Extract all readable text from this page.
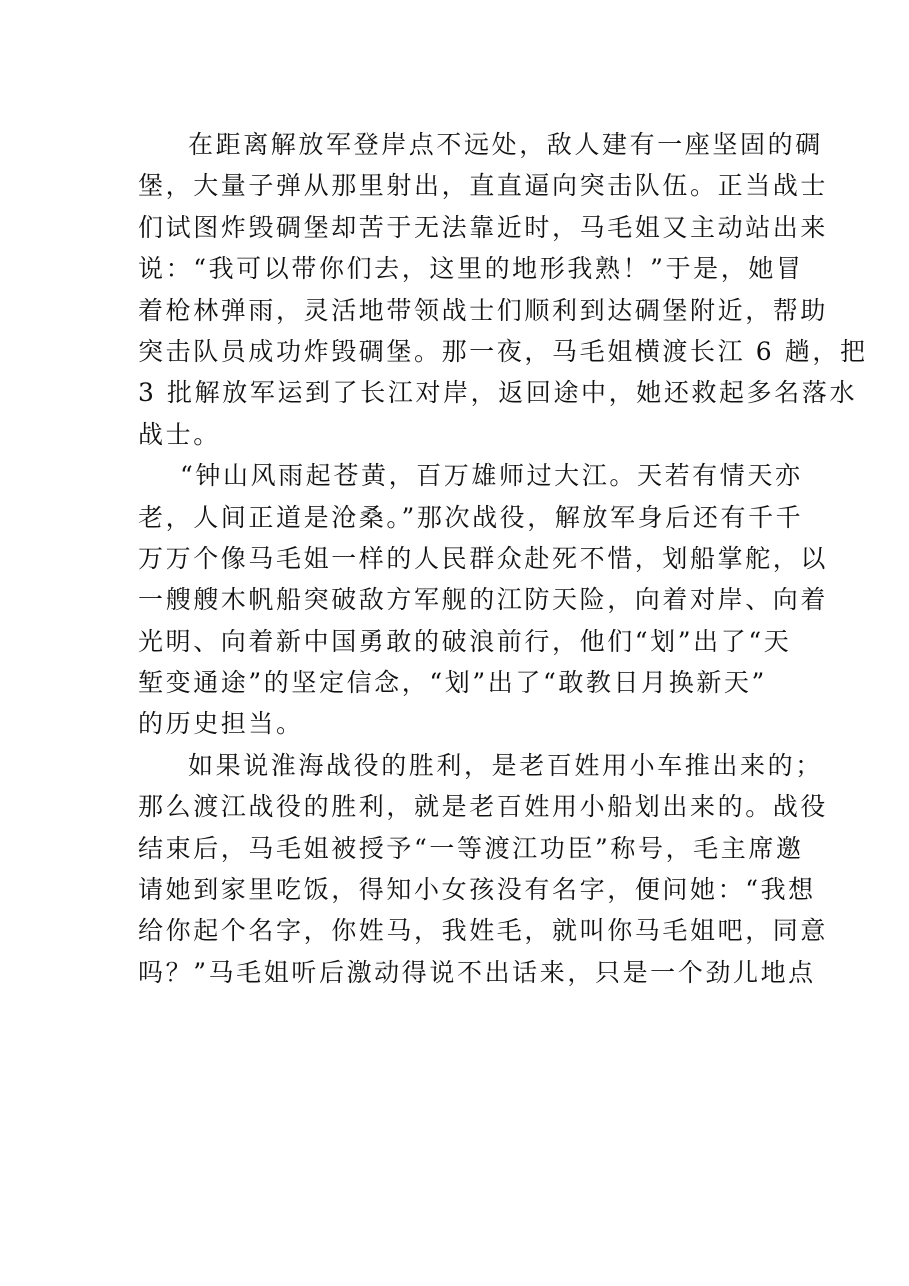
在距离解放军登岸点不远处，敌人建有一座坚固的碉
堡，大量子弹从那里射出，直直逼向突击队伍。正当战士
们试图炸毁碉堡却苦于无法靠近时，马毛姐又主动站出来
说：“我可以带你们去，这里的地形我熟！”于是，她冒
着枪林弹雨，灵活地带领战士们顺利到达碉堡附近，帮助
突击队员成功炸毁碉堡。那一夜，马毛姐横渡长江 6 趟，把
3 批解放军运到了长江对岸，返回途中，她还救起多名落水
战士。
“钟山风雨起苍黄，百万雄师过大江。天若有情天亦
老，人间正道是沧桑。”那次战役，解放军身后还有千千
万万个像马毛姐一样的人民群众赴死不惜，划船掌舵，以
一艘艘木帆船突破敌方军舰的江防天险，向着对岸、向着
光明、向着新中国勇敢的破浪前行，他们“划”出了“天
堑变通途”的坚定信念，“划”出了“敢教日月换新天”
的历史担当。
如果说淮海战役的胜利，是老百姓用小车推出来的；
那么渡江战役的胜利，就是老百姓用小船划出来的。战役
结束后，马毛姐被授予“一等渡江功臣”称号，毛主席邀
请她到家里吃饭，得知小女孩没有名字，便问她：“我想
给你起个名字，你姓马，我姓毛，就叫你马毛姐吧，同意
吗？”马毛姐听后激动得说不出话来，只是一个劲儿地点
